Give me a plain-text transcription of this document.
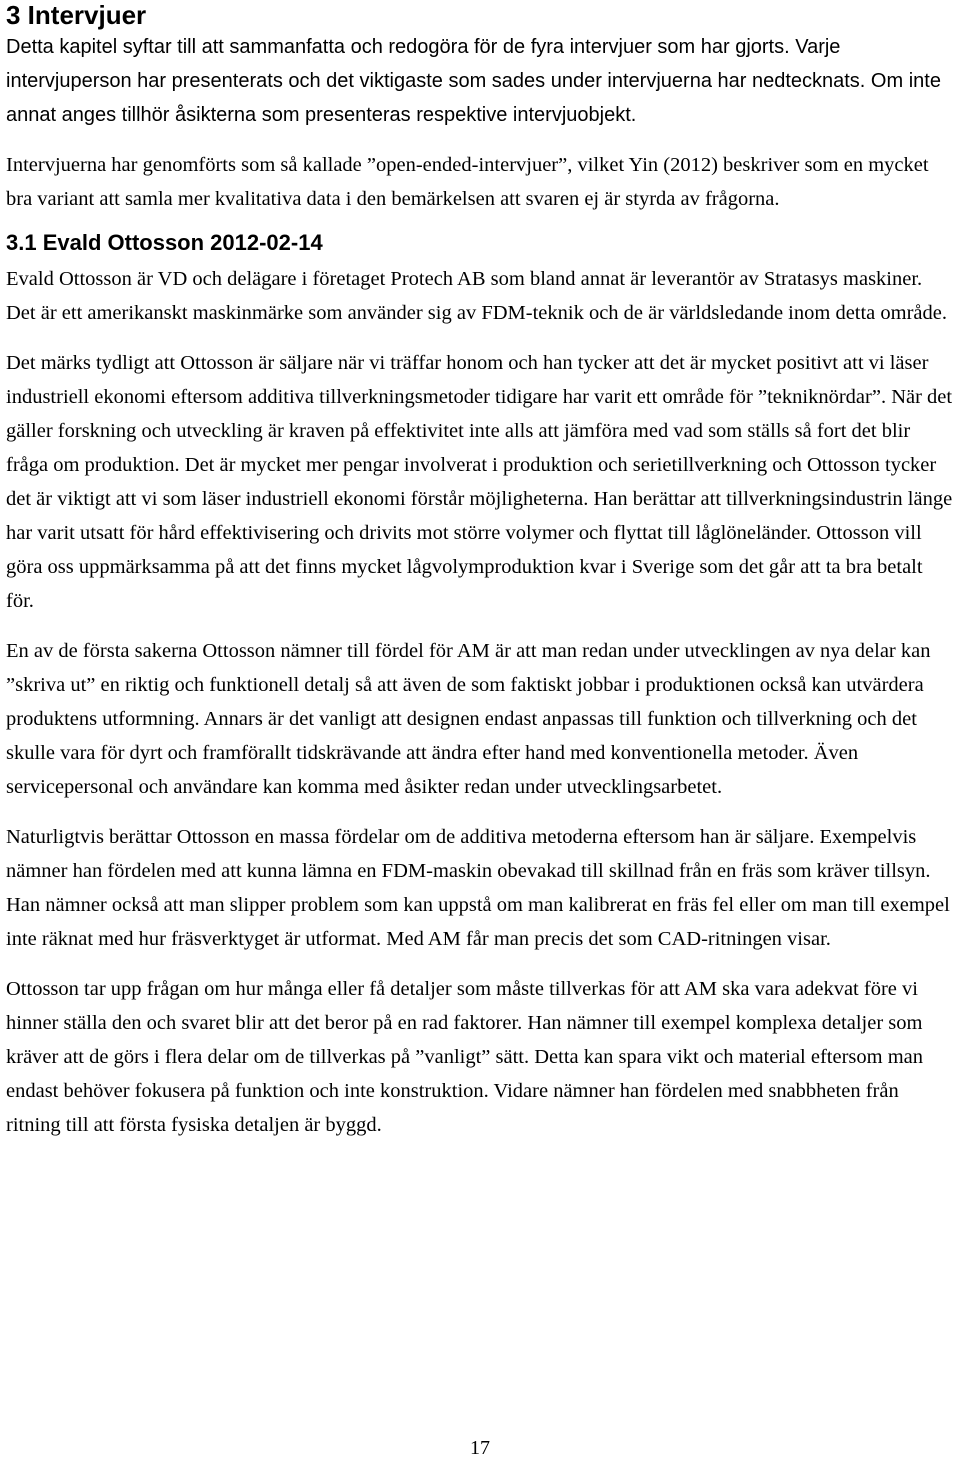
3 Intervjuer

Detta kapitel syftar till att sammanfatta och redogöra för de fyra intervjuer som har gjorts. Varje intervjuperson har presenterats och det viktigaste som sades under intervjuerna har nedtecknats. Om inte annat anges tillhör åsikterna som presenteras respektive intervjuobjekt.

Intervjuerna har genomförts som så kallade ”open-ended-intervjuer”, vilket Yin (2012) beskriver som en mycket bra variant att samla mer kvalitativa data i den bemärkelsen att svaren ej är styrda av frågorna.

3.1 Evald Ottosson 2012-02-14

Evald Ottosson är VD och delägare i företaget Protech AB som bland annat är leverantör av Stratasys maskiner. Det är ett amerikanskt maskinmärke som använder sig av FDM-teknik och de är världsledande inom detta område.

Det märks tydligt att Ottosson är säljare när vi träffar honom och han tycker att det är mycket positivt att vi läser industriell ekonomi eftersom additiva tillverkningsmetoder tidigare har varit ett område för ”tekniknördar”. När det gäller forskning och utveckling är kraven på effektivitet inte alls att jämföra med vad som ställs så fort det blir fråga om produktion. Det är mycket mer pengar involverat i produktion och serietillverkning och Ottosson tycker det är viktigt att vi som läser industriell ekonomi förstår möjligheterna. Han berättar att tillverkningsindustrin länge har varit utsatt för hård effektivisering och drivits mot större volymer och flyttat till låglöneländer. Ottosson vill göra oss uppmärksamma på att det finns mycket lågvolymproduktion kvar i Sverige som det går att ta bra betalt för.

En av de första sakerna Ottosson nämner till fördel för AM är att man redan under utvecklingen av nya delar kan ”skriva ut” en riktig och funktionell detalj så att även de som faktiskt jobbar i produktionen också kan utvärdera produktens utformning. Annars är det vanligt att designen endast anpassas till funktion och tillverkning och det skulle vara för dyrt och framförallt tidskrävande att ändra efter hand med konventionella metoder. Även servicepersonal och användare kan komma med åsikter redan under utvecklingsarbetet.

Naturligtvis berättar Ottosson en massa fördelar om de additiva metoderna eftersom han är säljare. Exempelvis nämner han fördelen med att kunna lämna en FDM-maskin obevakad till skillnad från en fräs som kräver tillsyn. Han nämner också att man slipper problem som kan uppstå om man kalibrerat en fräs fel eller om man till exempel inte räknat med hur fräsverktyget är utformat. Med AM får man precis det som CAD-ritningen visar.

Ottosson tar upp frågan om hur många eller få detaljer som måste tillverkas för att AM ska vara adekvat före vi hinner ställa den och svaret blir att det beror på en rad faktorer. Han nämner till exempel komplexa detaljer som kräver att de görs i flera delar om de tillverkas på ”vanligt” sätt. Detta kan spara vikt och material eftersom man endast behöver fokusera på funktion och inte konstruktion. Vidare nämner han fördelen med snabbheten från ritning till att första fysiska detaljen är byggd.

17
